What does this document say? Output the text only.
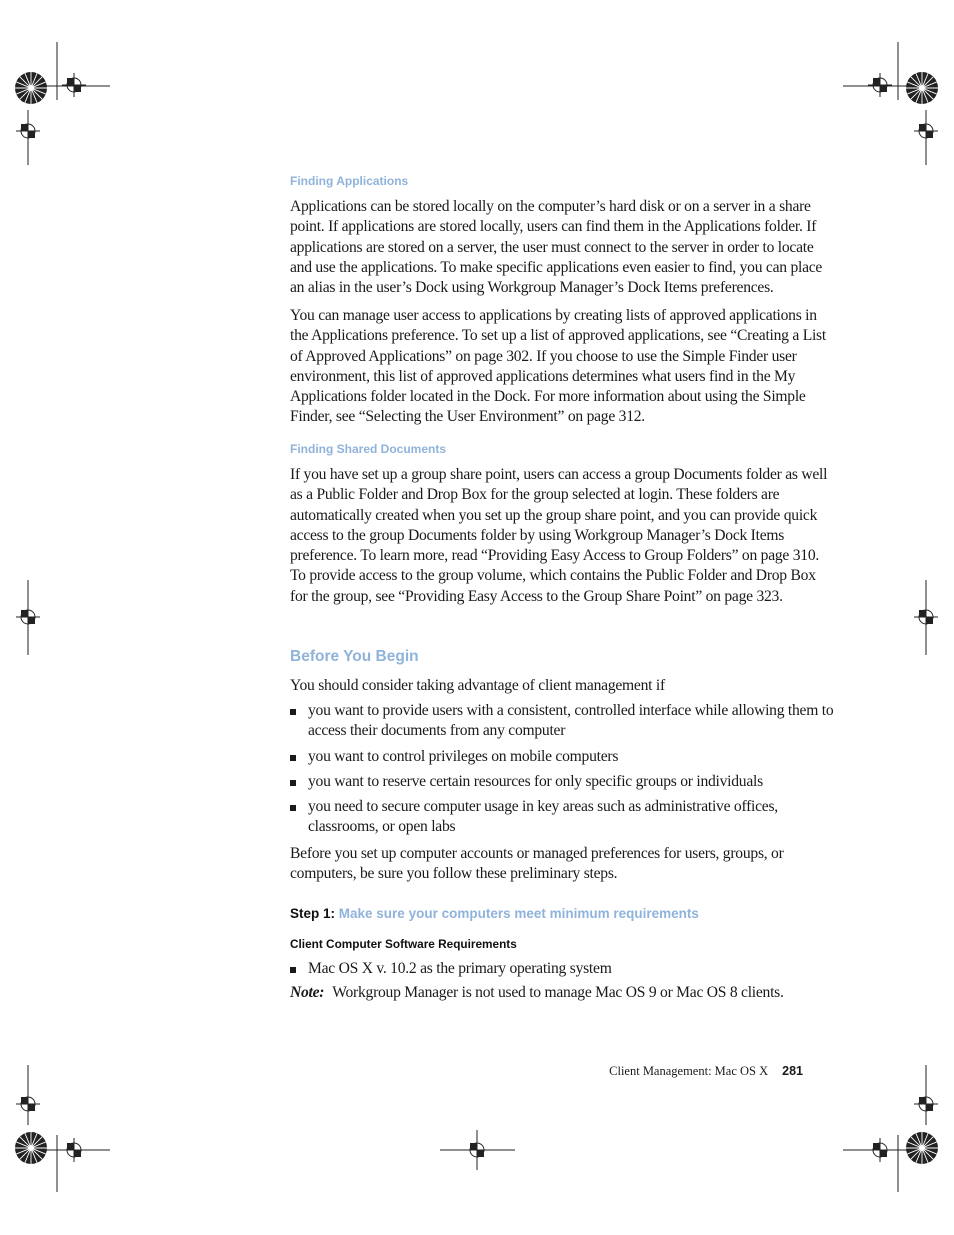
Finding Applications

Applications can be stored locally on the computer’s hard disk or on a server in a share point. If applications are stored locally, users can find them in the Applications folder. If applications are stored on a server, the user must connect to the server in order to locate and use the applications. To make specific applications even easier to find, you can place an alias in the user’s Dock using Workgroup Manager’s Dock Items preferences.

You can manage user access to applications by creating lists of approved applications in the Applications preference. To set up a list of approved applications, see “Creating a List of Approved Applications” on page 302. If you choose to use the Simple Finder user environment, this list of approved applications determines what users find in the My Applications folder located in the Dock. For more information about using the Simple Finder, see “Selecting the User Environment” on page 312.

Finding Shared Documents

If you have set up a group share point, users can access a group Documents folder as well as a Public Folder and Drop Box for the group selected at login. These folders are automatically created when you set up the group share point, and you can provide quick access to the group Documents folder by using Workgroup Manager’s Dock Items preference. To learn more, read “Providing Easy Access to Group Folders” on page 310. To provide access to the group volume, which contains the Public Folder and Drop Box for the group, see “Providing Easy Access to the Group Share Point” on page 323.

Before You Begin

You should consider taking advantage of client management if

you want to provide users with a consistent, controlled interface while allowing them to access their documents from any computer
you want to control privileges on mobile computers
you want to reserve certain resources for only specific groups or individuals
you need to secure computer usage in key areas such as administrative offices, classrooms, or open labs

Before you set up computer accounts or managed preferences for users, groups, or computers, be sure you follow these preliminary steps.

Step 1: Make sure your computers meet minimum requirements
Client Computer Software Requirements
Mac OS X v. 10.2 as the primary operating system

Note: Workgroup Manager is not used to manage Mac OS 9 or Mac OS 8 clients.

Client Management: Mac OS X 281
